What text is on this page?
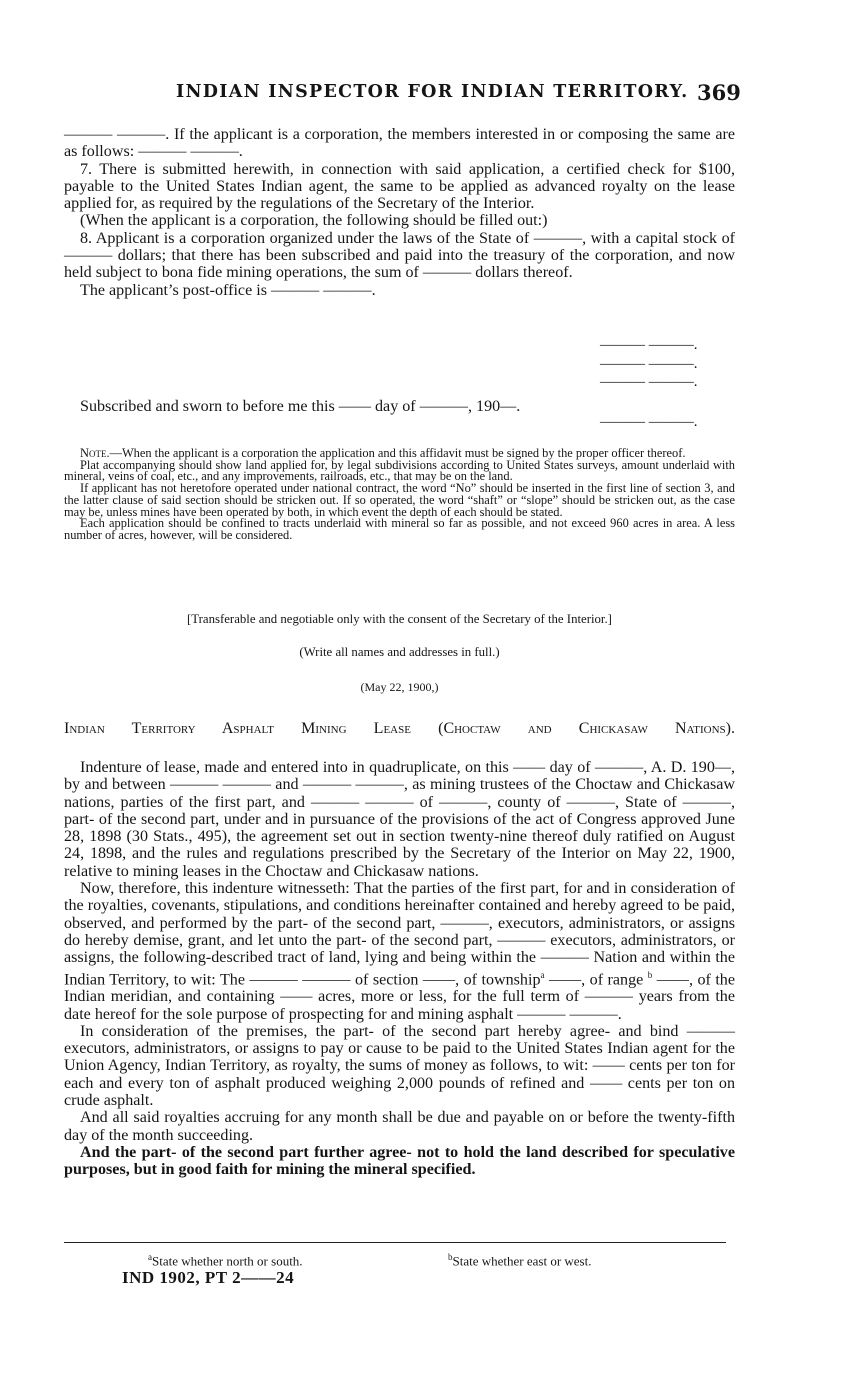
INDIAN INSPECTOR FOR INDIAN TERRITORY. 369

——— ———. If the applicant is a corporation, the members interested in or composing the same are as follows: ——— ———.

7. There is submitted herewith, in connection with said application, a certified check for $100, payable to the United States Indian agent, the same to be applied as advanced royalty on the lease applied for, as required by the regulations of the Secretary of the Interior.

(When the applicant is a corporation, the following should be filled out:)

8. Applicant is a corporation organized under the laws of the State of ———, with a capital stock of ——— dollars; that there has been subscribed and paid into the treasury of the corporation, and now held subject to bona fide mining operations, the sum of ——— dollars thereof.

The applicant’s post-office is ——— ———.

——— ———.
——— ———.
——— ———.
Subscribed and sworn to before me this —— day of ———, 190—.
——— ———.

Note.—When the applicant is a corporation the application and this affidavit must be signed by the proper officer thereof.

Plat accompanying should show land applied for, by legal subdivisions according to United States surveys, amount underlaid with mineral, veins of coal, etc., and any improvements, railroads, etc., that may be on the land.

If applicant has not heretofore operated under national contract, the word “No” should be inserted in the first line of section 3, and the latter clause of said section should be stricken out. If so operated, the word “shaft” or “slope” should be stricken out, as the case may be, unless mines have been operated by both, in which event the depth of each should be stated.

Each application should be confined to tracts underlaid with mineral so far as possible, and not exceed 960 acres in area. A less number of acres, however, will be considered.

[Transferable and negotiable only with the consent of the Secretary of the Interior.]
(Write all names and addresses in full.)
(May 22, 1900,)
Indian Territory Asphalt Mining Lease (Choctaw and Chickasaw Nations).

Indenture of lease, made and entered into in quadruplicate, on this —— day of ———, A. D. 190—, by and between ——— ——— and ——— ———, as mining trustees of the Choctaw and Chickasaw nations, parties of the first part, and ——— ——— of ———, county of ———, State of ———, part- of the second part, under and in pursuance of the provisions of the act of Congress approved June 28, 1898 (30 Stats., 495), the agreement set out in section twenty-nine thereof duly ratified on August 24, 1898, and the rules and regulations prescribed by the Secretary of the Interior on May 22, 1900, relative to mining leases in the Choctaw and Chickasaw nations.

Now, therefore, this indenture witnesseth: That the parties of the first part, for and in consideration of the royalties, covenants, stipulations, and conditions hereinafter contained and hereby agreed to be paid, observed, and performed by the part- of the second part, ———, executors, administrators, or assigns do hereby demise, grant, and let unto the part- of the second part, ——— executors, administrators, or assigns, the following-described tract of land, lying and being within the ——— Nation and within the Indian Territory, to wit: The ——— ——— of section ——, of township$^a$ ——, of range $^b$ ——, of the Indian meridian, and containing —— acres, more or less, for the full term of ——— years from the date hereof for the sole purpose of prospecting for and mining asphalt ——— ———.

In consideration of the premises, the part- of the second part hereby agree- and bind ——— executors, administrators, or assigns to pay or cause to be paid to the United States Indian agent for the Union Agency, Indian Territory, as royalty, the sums of money as follows, to wit: —— cents per ton for each and every ton of asphalt produced weighing 2,000 pounds of refined and —— cents per ton on crude asphalt.

And all said royalties accruing for any month shall be due and payable on or before the twenty-fifth day of the month succeeding.

And the part- of the second part further agree- not to hold the land described for speculative purposes, but in good faith for mining the mineral specified.

$^a$State whether north or south.	$^b$State whether east or west.
IND 1902, PT 2——24
